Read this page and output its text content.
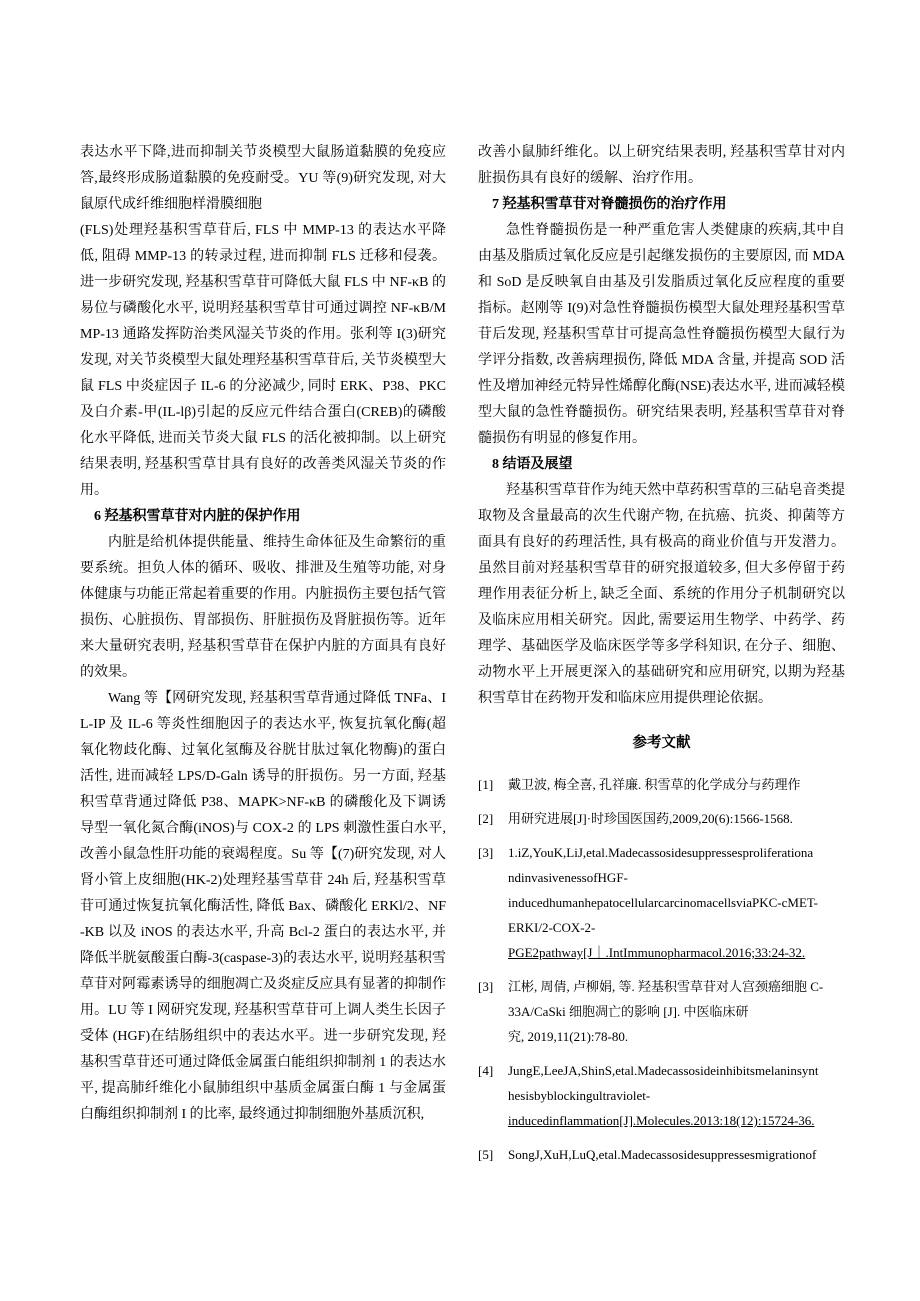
表达水平下降,进而抑制关节炎模型大鼠肠道黏膜的免疫应答,最终形成肠道黏膜的免疫耐受。YU 等(9)研究发现, 对大鼠原代成纤维细胞样滑膜细胞

(FLS)处理羟基积雪草苷后, FLS 中 MMP-13 的表达水平降低, 阻碍 MMP-13 的转录过程, 进而抑制 FLS 迁移和侵袭。进一步研究发现, 羟基积雪草苷可降低大鼠 FLS 中 NF-κB 的易位与磷酸化水平, 说明羟基积雪草甘可通过调控 NF-κB/MMP-13 通路发挥防治类风湿关节炎的作用。张利等 I(3)研究发现, 对关节炎模型大鼠处理羟基积雪草苷后, 关节炎模型大鼠 FLS 中炎症因子 IL-6 的分泌减少, 同时 ERK、P38、PKC 及白介素-甲(IL-lβ)引起的反应元件结合蛋白(CREB)的磷酸化水平降低, 进而关节炎大鼠 FLS 的活化被抑制。以上研究结果表明, 羟基积雪草甘具有良好的改善类风湿关节炎的作用。

6 羟基积雪草苷对内脏的保护作用

内脏是给机体提供能量、维持生命体征及生命繁衍的重要系统。担负人体的循环、吸收、排泄及生殖等功能, 对身体健康与功能正常起着重要的作用。内脏损伤主要包括气管损伤、心脏损伤、胃部损伤、肝脏损伤及肾脏损伤等。近年来大量研究表明, 羟基积雪草苷在保护内脏的方面具有良好的效果。

Wang 等【网研究发现, 羟基积雪草背通过降低 TNFa、IL-IP 及 IL-6 等炎性细胞因子的表达水平, 恢复抗氧化酶(超氧化物歧化酶、过氧化氢酶及谷胱甘肽过氧化物酶)的蛋白活性, 进而减轻 LPS/D-Galn 诱导的肝损伤。另一方面, 羟基积雪草背通过降低 P38、MAPK>NF-κB 的磷酸化及下调诱导型一氧化氮合酶(iNOS)与 COX-2 的 LPS 刺激性蛋白水平, 改善小鼠急性肝功能的衰竭程度。Su 等【(7)研究发现, 对人肾小管上皮细胞(HK-2)处理羟基雪草苷 24h 后, 羟基积雪草苷可通过恢复抗氧化酶活性, 降低 Bax、磷酸化 ERKl/2、NF-KB 以及 iNOS 的表达水平, 升高 Bcl-2 蛋白的表达水平, 并降低半胱氨酸蛋白酶-3(caspase-3)的表达水平, 说明羟基积雪草苷对阿霉素诱导的细胞凋亡及炎症反应具有显著的抑制作用。LU 等 I 网研究发现, 羟基积雪草苷可上调人类生长因子受体 (HGF)在结肠组织中的表达水平。进一步研究发现, 羟基积雪草苷还可通过降低金属蛋白能组织抑制剂 1 的表达水平, 提高肺纤维化小鼠肺组织中基质金属蛋白酶 1 与金属蛋白酶组织抑制剂 I 的比率, 最终通过抑制细胞外基质沉积,

改善小鼠肺纤维化。以上研究结果表明, 羟基积雪草甘对内脏损伤具有良好的缓解、治疗作用。

7 羟基积雪草苷对脊髓损伤的治疗作用

急性脊髓损伤是一种严重危害人类健康的疾病,其中自由基及脂质过氧化反应是引起继发损伤的主要原因, 而 MDA 和 SoD 是反映氧自由基及引发脂质过氧化反应程度的重要指标。赵刚等 I(9)对急性脊髓损伤模型大鼠处理羟基积雪草苷后发现, 羟基积雪草甘可提高急性脊髓损伤模型大鼠行为学评分指数, 改善病理损伤, 降低 MDA 含量, 并提高 SOD 活性及增加神经元特异性烯醇化酶(NSE)表达水平, 进而减轻模型大鼠的急性脊髓损伤。研究结果表明, 羟基积雪草苷对脊髓损伤有明显的修复作用。

8 结语及展望

羟基积雪草苷作为纯天然中草药积雪草的三砧皂音类提取物及含量最高的次生代谢产物, 在抗癌、抗炎、抑菌等方面具有良好的药理活性, 具有极高的商业价值与开发潜力。虽然目前对羟基积雪草苷的研究报道较多, 但大多停留于药理作用表征分析上, 缺乏全面、系统的作用分子机制研究以及临床应用相关研究。因此, 需要运用生物学、中药学、药理学、基础医学及临床医学等多学科知识, 在分子、细胞、动物水平上开展更深入的基础研究和应用研究, 以期为羟基积雪草甘在药物开发和临床应用提供理论依据。

参考文献
[1]	戴卫波, 梅全喜, 孔祥廉. 积雪草的化学成分与药理作
[2]	用研究进展[J]·时珍国医国药,2009,20(6):1566-1568.
[3]	1.iZ,YouK,LiJ,etal.Madecassosidesuppressesproliferationa
ndinvasivenessofHGF-
inducedhumanhepatocellularcarcinomacellsviaPKC-cMET-
ERKI/2-COX-2-
PGE2pathway[J｜.IntImmunopharmacol.2016;33:24-32.
[3]	江彬, 周倩, 卢柳娟, 等. 羟基积雪草苷对人宫颈癌细胞 C-
33A/CaSki 细胞凋亡的影响 [J]. 中医临床研
究, 2019,11(21):78-80.
[4]	JungE,LeeJA,ShinS,etal.Madecassosideinhibitsmelaninsynt
hesisbyblockingultraviolet-
inducedinflammation[J].Molecules.2013:18(12):15724-36.
[5]	SongJ,XuH,LuQ,etal.Madecassosidesuppressesmigrationof
